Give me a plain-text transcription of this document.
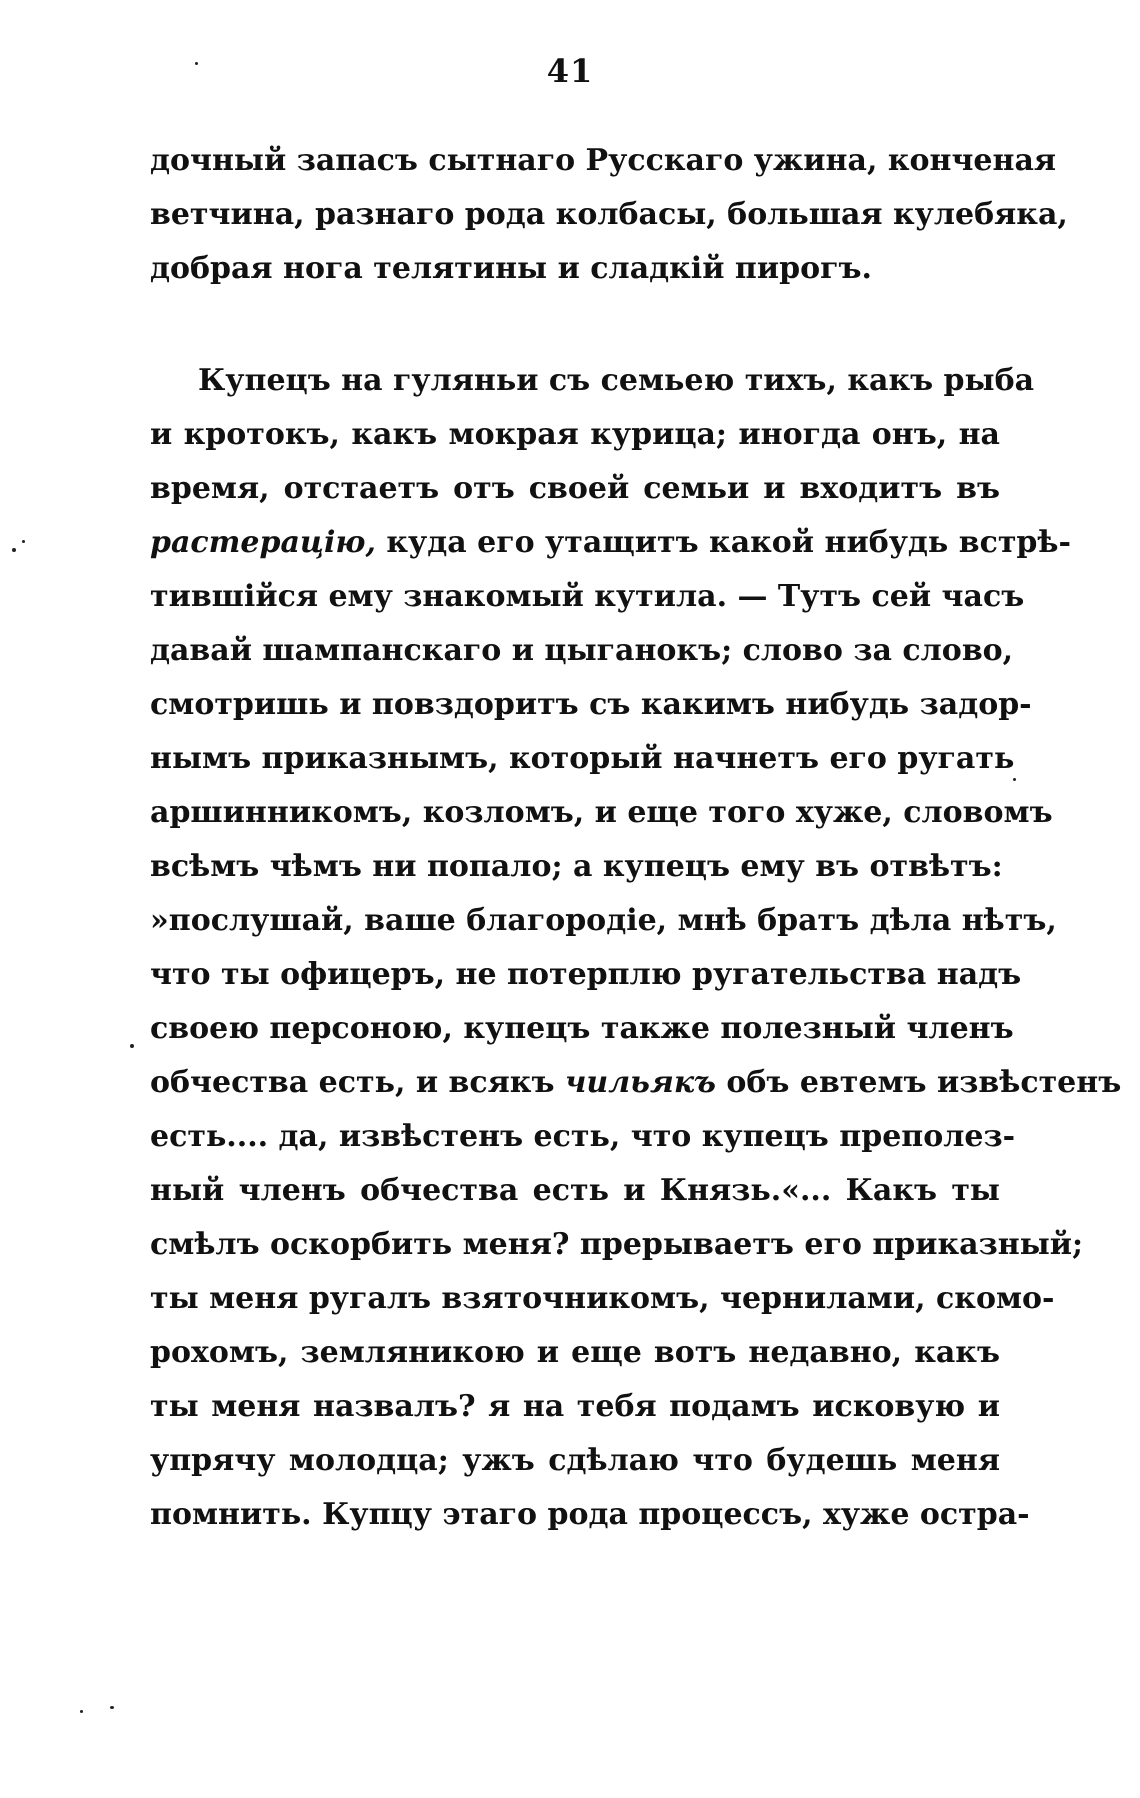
41
дочный запасъ сытнаго Русскаго ужина, конченая
ветчина, разнаго рода колбасы, большая кулебяка,
добрая нога телятины и сладкій пирогъ.
Купецъ на гуляньи съ семьею тихъ, какъ рыба
и кротокъ, какъ мокрая курица; иногда онъ, на
время, отстаетъ отъ своей семьи и входитъ въ
растерацію, куда его утащитъ какой нибудь встрѣ-
тившійся ему знакомый кутила. — Тутъ сей часъ
давай шампанскаго и цыганокъ; слово за слово,
смотришь и повздоритъ съ какимъ нибудь задор-
нымъ приказнымъ, который начнетъ его ругать
аршинникомъ, козломъ, и еще того хуже, словомъ
всѣмъ чѣмъ ни попало; а купецъ ему въ отвѣтъ:
»послушай, ваше благородіе, мнѣ братъ дѣла нѣтъ,
что ты офицеръ, не потерплю ругательства надъ
своею персоною, купецъ также полезный членъ
обчества есть, и всякъ чильякъ объ евтемъ извѣстенъ
есть.... да, извѣстенъ есть, что купецъ преполез-
ный членъ обчества есть и Князь.«... Какъ ты
смѣлъ оскорбить меня? прерываетъ его приказный;
ты меня ругалъ взяточникомъ, чернилами, скомо-
рохомъ, земляникою и еще вотъ недавно, какъ
ты меня назвалъ? я на тебя подамъ исковую и
упрячу молодца; ужъ сдѣлаю что будешь меня
помнить. Купцу этаго рода процессъ, хуже остра-
